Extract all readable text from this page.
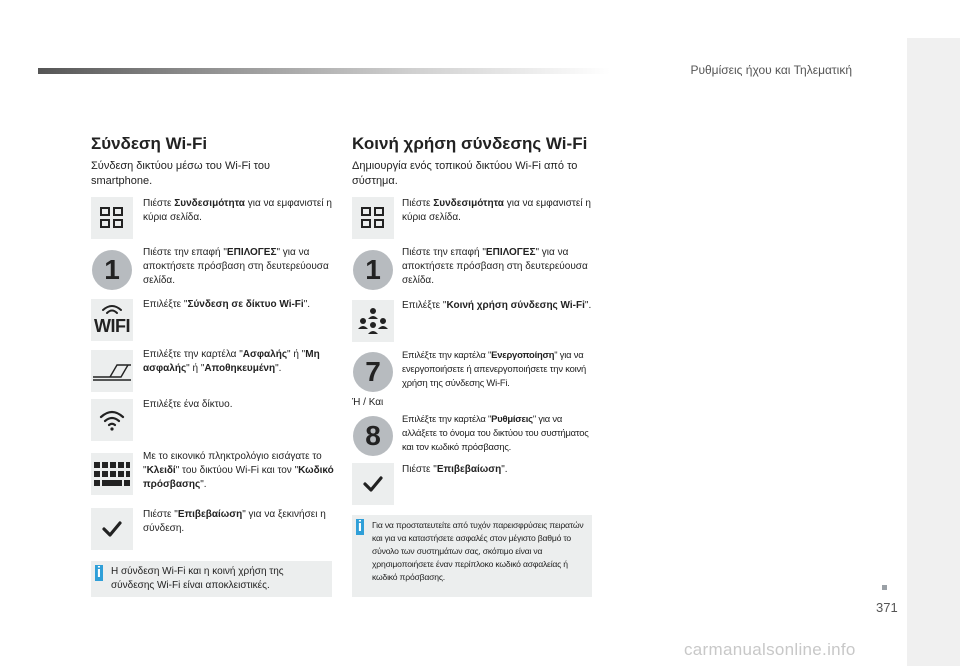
Ρυθμίσεις ήχου και Τηλεματική
371
carmanualsonline.info
Σύνδεση Wi-Fi
Σύνδεση δικτύου μέσω του Wi-Fi του smartphone.
Πιέστε Συνδεσιμότητα για να εμφανιστεί η κύρια σελίδα.
1
Πιέστε την επαφή "ΕΠΙΛΟΓΕΣ" για να αποκτήσετε πρόσβαση στη δευτερεύουσα σελίδα.
WIFI
Επιλέξτε "Σύνδεση σε δίκτυο Wi-Fi".
Επιλέξτε την καρτέλα "Ασφαλής" ή "Μη ασφαλής" ή "Αποθηκευμένη".
Επιλέξτε ένα δίκτυο.
Με το εικονικό πληκτρολόγιο εισάγατε το "Κλειδί" του δικτύου Wi-Fi και τον "Κωδικό πρόσβασης".
Πιέστε "Επιβεβαίωση" για να ξεκινήσει η σύνδεση.
i Η σύνδεση Wi-Fi και η κοινή χρήση της σύνδεσης Wi-Fi είναι αποκλειστικές.
Κοινή χρήση σύνδεσης Wi-Fi
Δημιουργία ενός τοπικού δικτύου Wi-Fi από το σύστημα.
Πιέστε Συνδεσιμότητα για να εμφανιστεί η κύρια σελίδα.
1
Πιέστε την επαφή "ΕΠΙΛΟΓΕΣ" για να αποκτήσετε πρόσβαση στη δευτερεύουσα σελίδα.
Επιλέξτε "Κοινή χρήση σύνδεσης Wi-Fi".
7
Επιλέξτε την καρτέλα "Ενεργοποίηση" για να ενεργοποιήσετε ή απενεργοποιήσετε την κοινή χρήση της σύνδεσης Wi-Fi.
Ή / Και
8
Επιλέξτε την καρτέλα "Ρυθμίσεις" για να αλλάξετε το όνομα του δικτύου του συστήματος και τον κωδικό πρόσβασης.
Πιέστε "Επιβεβαίωση".
i	Για να προστατευτείτε από τυχόν παρεισφρύσεις πειρατών και για να καταστήσετε ασφαλές στον μέγιστο βαθμό το σύνολο των συστημάτων σας, σκόπιμο είναι να χρησιμοποιήσετε έναν περίπλοκο κωδικό ασφαλείας ή κωδικό πρόσβασης.
